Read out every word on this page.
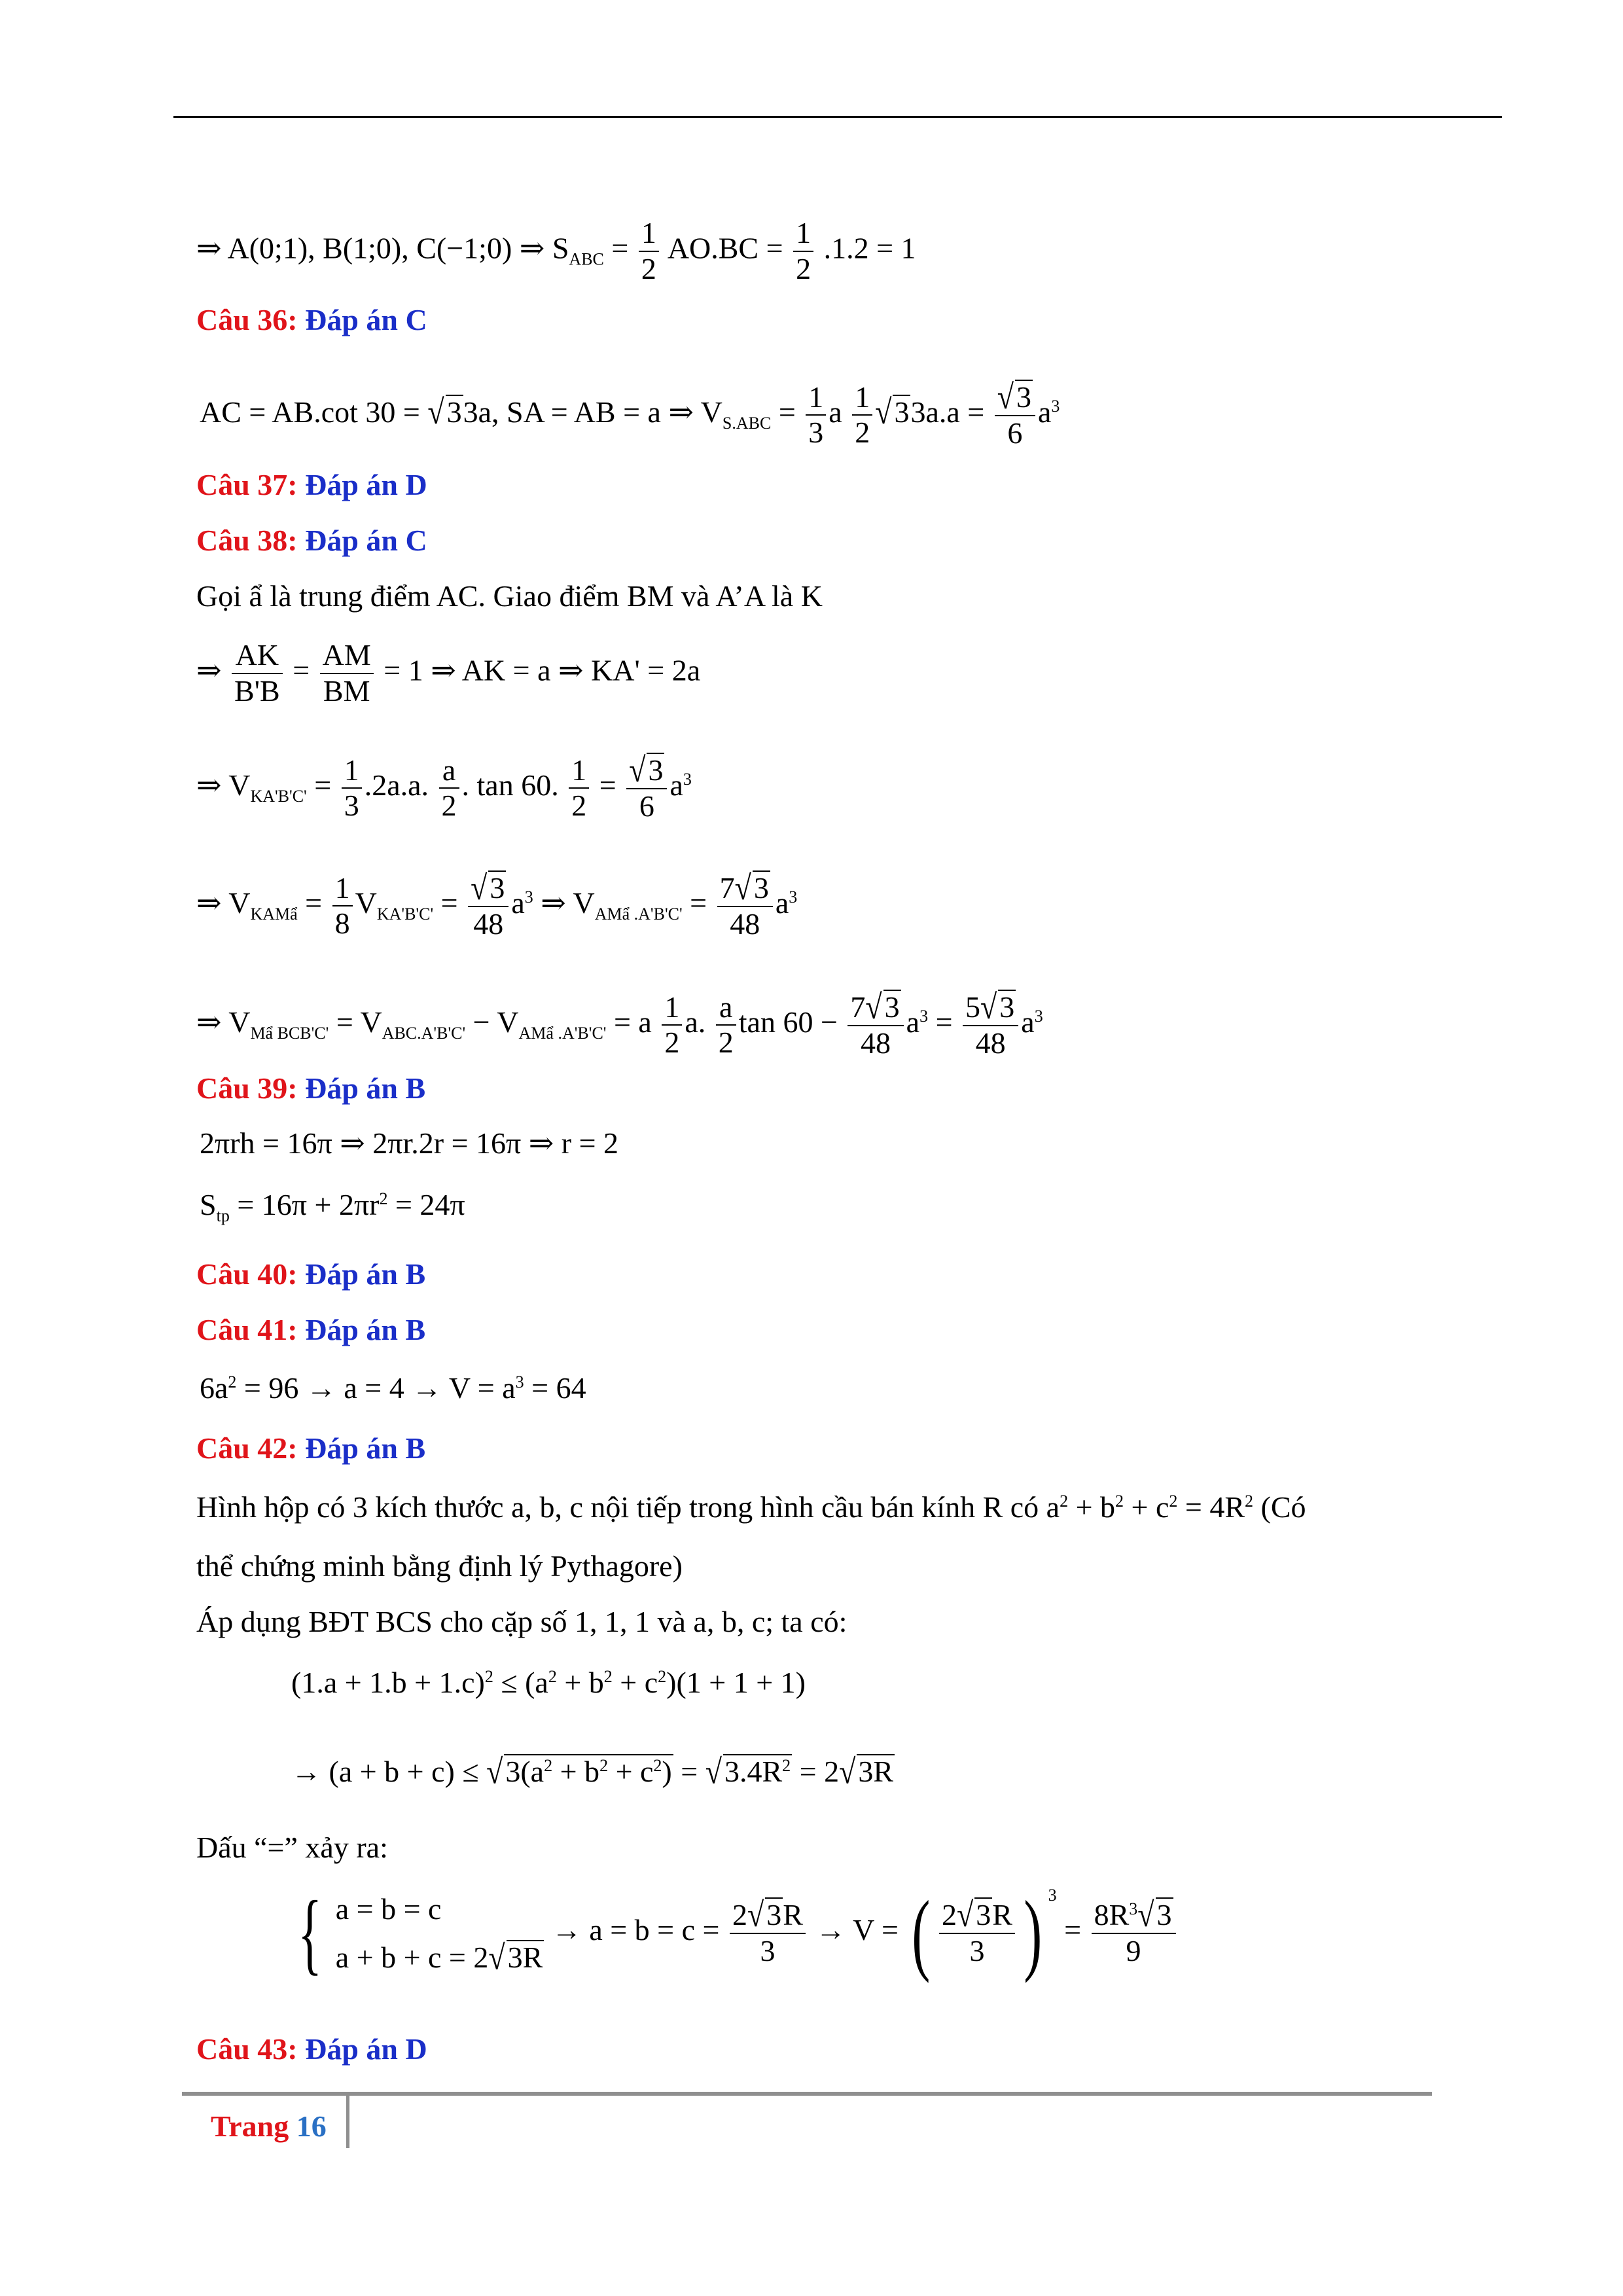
⇒ A(0;1), B(1;0), C(−1;0) ⇒ $S_{ABC} = \frac{1}{2} AO.BC = \frac{1}{2} .1.2 = 1$
Câu 36: Đáp án C
AC = AB.cot 30 = √33a, SA = AB = a ⇒ $V_{S.ABC} = \frac{1}{3}$ a $\frac{1}{2} √33a.a = \frac{√3}{6} a^3$
Câu 37: Đáp án D
Câu 38: Đáp án C
Gọi ẩ là trung điểm AC. Giao điểm BM và A’A là K
⇒ $\frac{AK}{B'B} = \frac{AM}{BM} = 1$ ⇒ AK = a ⇒ KA' = 2a
⇒ $V_{KA'B'C'} = \frac{1}{3} .2a.a$. $\frac{a}{2}$ . tan 60. $\frac{1}{2} = \frac{√3}{6} a^3$
⇒ $V_{KAMẩ} = \frac{1}{8} V_{KA'B'C'} = \frac{√3}{48} a^3$ ⇒ $V_{AMẩ .A'B'C'} = \frac{7√3}{48} a^3$
⇒ $V_{Mẩ BCB'C'} = V_{ABC.A'B'C'} - V_{AMẩ .A'B'C'} = a \frac{1}{2} a$. $\frac{a}{2}$ $\tan 60 - \frac{7√3}{48} a^3 = \frac{5√3}{48} a^3$
Câu 39: Đáp án B
2πrh = 16π ⇒ 2πr.2r = 16π ⇒ r = 2
$S_{tp} = 16\pi + 2\pi r^2 = 24\pi$
Câu 40: Đáp án B
Câu 41: Đáp án B
$6a^2 = 96 \to a = 4 \to V = a^3 = 64$
Câu 42: Đáp án B
Hình hộp có 3 kích thước a, b, c nội tiếp trong hình cầu bán kính R có $a^2 + b^2 + c^2 = 4R^2$ (Có
thể chứng minh bằng định lý Pythagore)
Áp dụng BĐT BCS cho cặp số 1, 1, 1 và a, b, c; ta có:
$(1.a + 1.b + 1.c)^2 \le (a^2 + b^2 + c^2)(1 + 1 + 1)$
→ $(a + b + c) \le √3(a^2 + b^2 + c^2) = √3.4R^2 = 2√3R$
Dấu “=” xảy ra:
{ a = b = c
a + b + c = 2√3R
→ $a = b = c = \frac{2√3R}{3} \to V$ = ( $\frac{2√3R}{3}$ ) $^3 = \frac{8R^3√3}{9}$
Câu 43: Đáp án D
Trang 16
